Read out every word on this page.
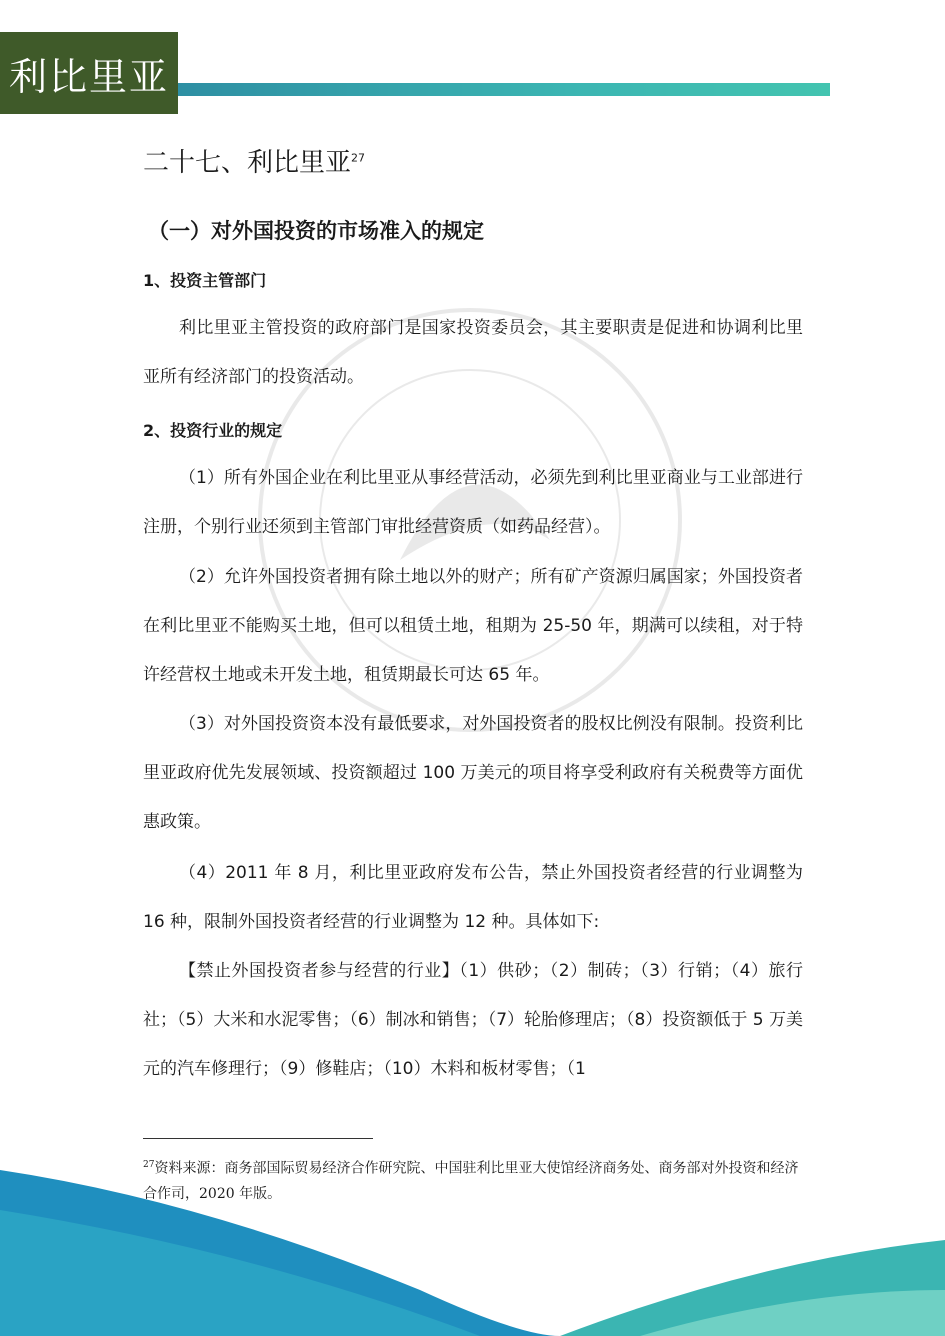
利比里亚
二十七、利比里亚$^{27}$
（一）对外国投资的市场准入的规定
1、投资主管部门
利比里亚主管投资的政府部门是国家投资委员会，其主要职责是促进和协调利比里亚所有经济部门的投资活动。
2、投资行业的规定
（1）所有外国企业在利比里亚从事经营活动，必须先到利比里亚商业与工业部进行注册，个别行业还须到主管部门审批经营资质（如药品经营）。
（2）允许外国投资者拥有除土地以外的财产；所有矿产资源归属国家；外国投资者在利比里亚不能购买土地，但可以租赁土地，租期为 25-50 年，期满可以续租，对于特许经营权土地或未开发土地，租赁期最长可达 65 年。
（3）对外国投资资本没有最低要求，对外国投资者的股权比例没有限制。投资利比里亚政府优先发展领域、投资额超过 100 万美元的项目将享受利政府有关税费等方面优惠政策。
（4）2011 年 8 月，利比里亚政府发布公告，禁止外国投资者经营的行业调整为 16 种，限制外国投资者经营的行业调整为 12 种。具体如下:
【禁止外国投资者参与经营的行业】（1）供砂；（2）制砖；（3）行销；（4）旅行社；（5）大米和水泥零售；（6）制冰和销售；（7）轮胎修理店；（8）投资额低于 5 万美元的汽车修理行；（9）修鞋店；（10）木料和板材零售；（1
$^{27}$资料来源：商务部国际贸易经济合作研究院、中国驻利比里亚大使馆经济商务处、商务部对外投资和经济合作司，2020 年版。
